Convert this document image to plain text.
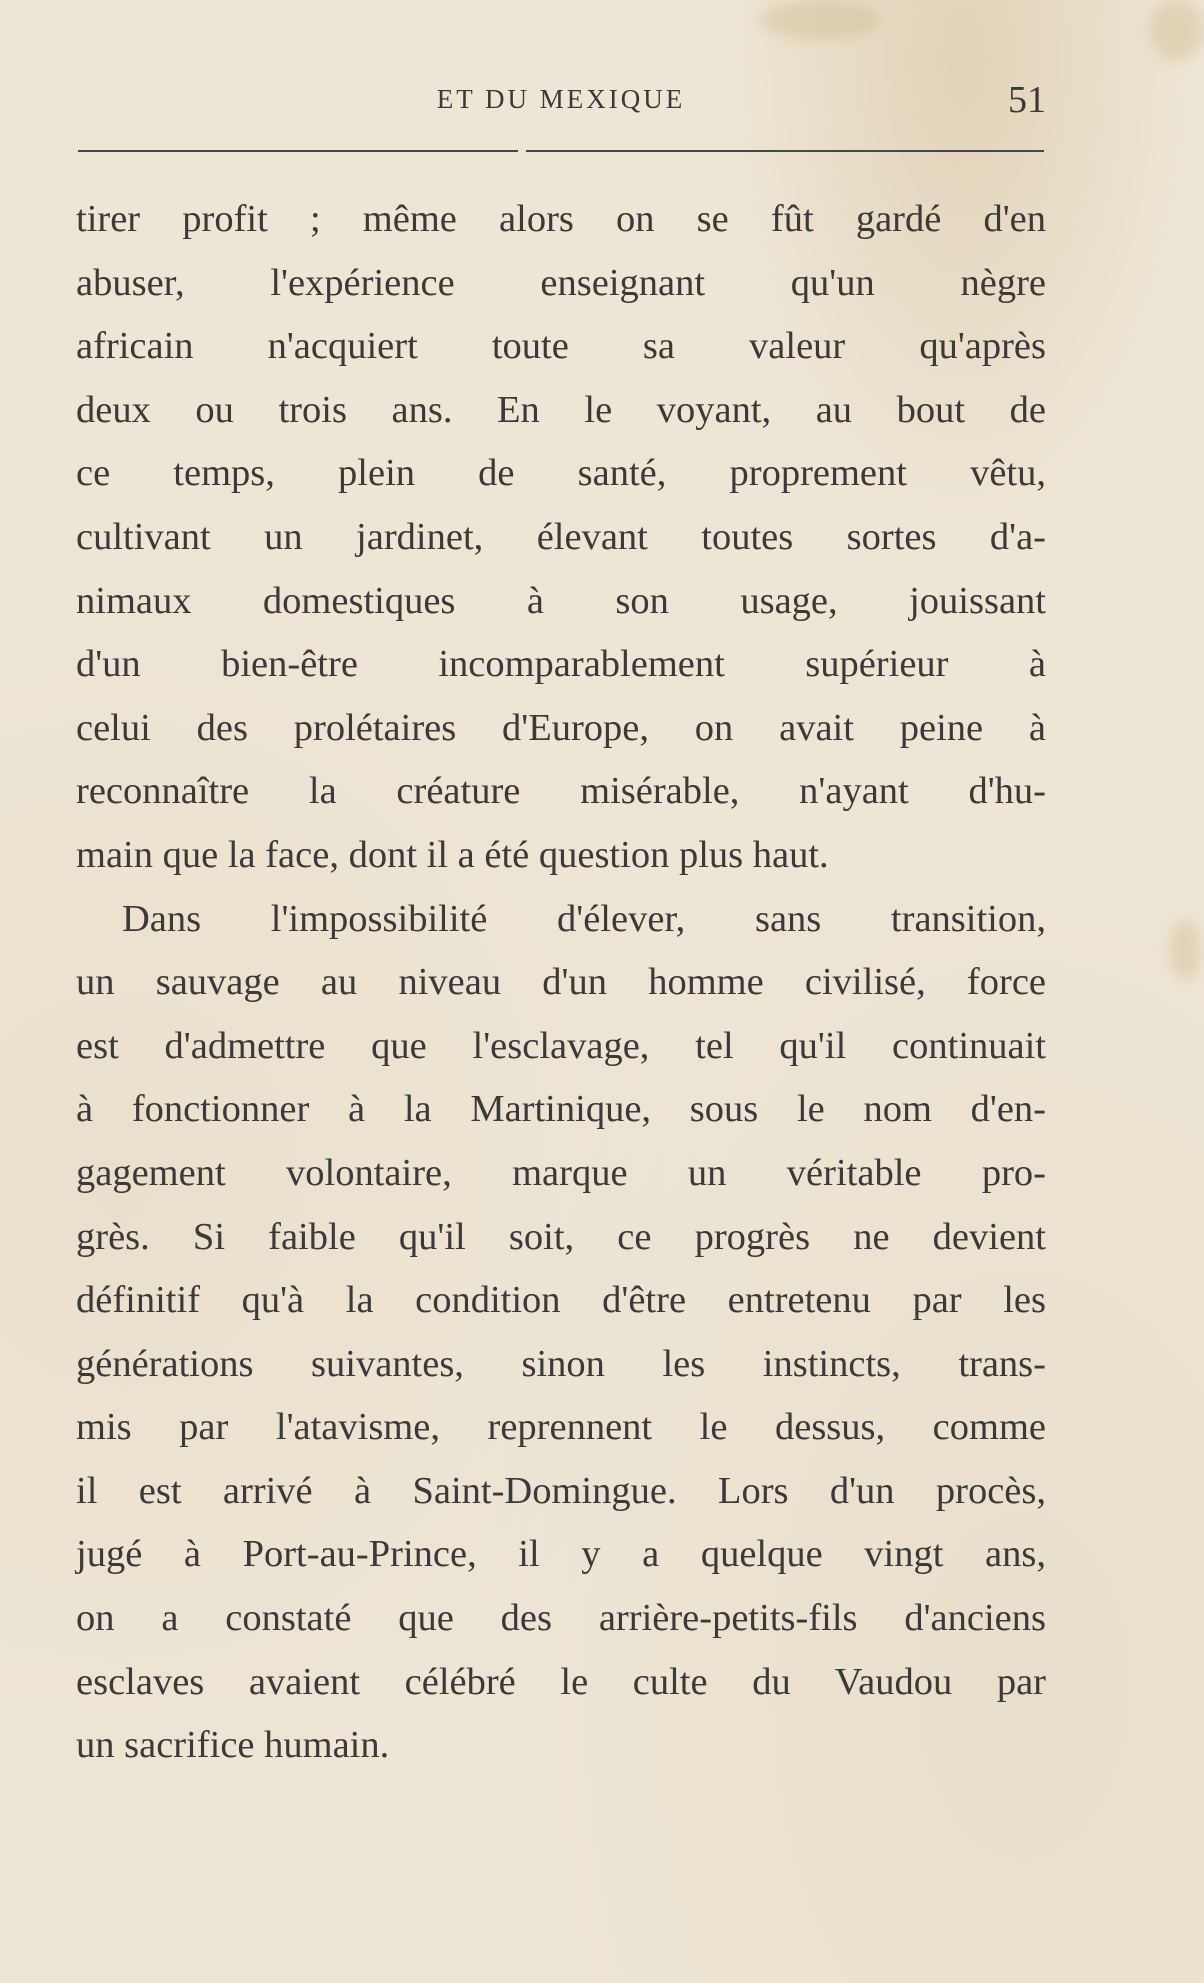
ET DU MEXIQUE	51
tirer profit ; même alors on se fût gardé d'en
abuser, l'expérience enseignant qu'un nègre
africain n'acquiert toute sa valeur qu'après
deux ou trois ans. En le voyant, au bout de
ce temps, plein de santé, proprement vêtu,
cultivant un jardinet, élevant toutes sortes d'a-
nimaux domestiques à son usage, jouissant
d'un bien-être incomparablement supérieur à
celui des prolétaires d'Europe, on avait peine à
reconnaître la créature misérable, n'ayant d'hu-
main que la face, dont il a été question plus haut.
Dans l'impossibilité d'élever, sans transition,
un sauvage au niveau d'un homme civilisé, force
est d'admettre que l'esclavage, tel qu'il continuait
à fonctionner à la Martinique, sous le nom d'en-
gagement volontaire, marque un véritable pro-
grès. Si faible qu'il soit, ce progrès ne devient
définitif qu'à la condition d'être entretenu par les
générations suivantes, sinon les instincts, trans-
mis par l'atavisme, reprennent le dessus, comme
il est arrivé à Saint-Domingue. Lors d'un procès,
jugé à Port-au-Prince, il y a quelque vingt ans,
on a constaté que des arrière-petits-fils d'anciens
esclaves avaient célébré le culte du Vaudou par
un sacrifice humain.
